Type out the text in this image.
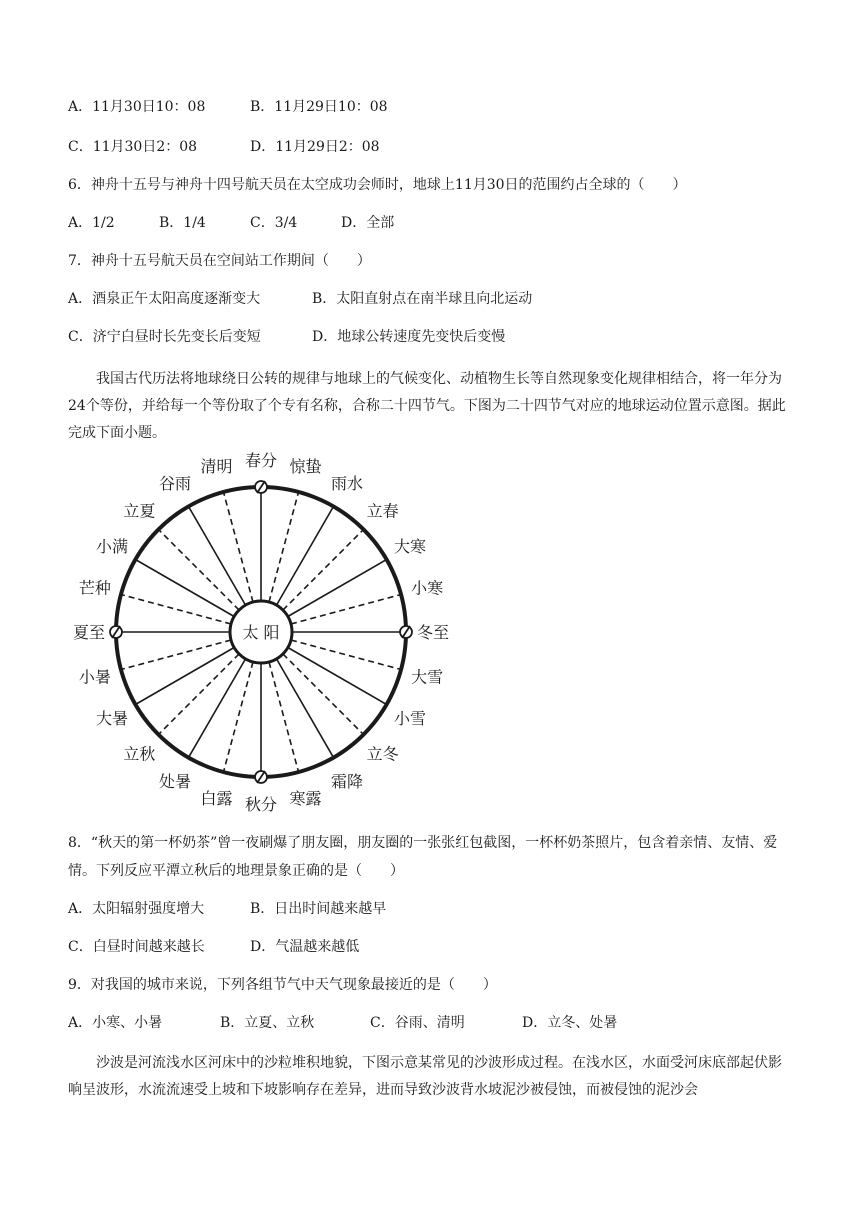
A．11月30日10：08	B．11月29日10：08
C．11月30日2：08	D．11月29日2：08
6．神舟十五号与神舟十四号航天员在太空成功会师时，地球上11月30日的范围约占全球的（　　）
A．1/2	B．1/4	C．3/4	D．全部
7．神舟十五号航天员在空间站工作期间（　　）
A．酒泉正午太阳高度逐渐变大	B．太阳直射点在南半球且向北运动
C．济宁白昼时长先变长后变短	D．地球公转速度先变快后变慢
我国古代历法将地球绕日公转的规律与地球上的气候变化、动植物生长等自然现象变化规律相结合，将一年分为24个等份，并给每一个等份取了个专有名称，合称二十四节气。下图为二十四节气对应的地球运动位置示意图。据此完成下面小题。
太 阳
春分 惊蛰
雨水
立春
大寒
小寒
冬至
大雪
小雪
立冬
霜降
寒露
秋分
白露
处暑
立秋
大暑
小暑
夏至
芒种
小满
立夏
谷雨
清明
8．“秋天的第一杯奶茶”曾一夜刷爆了朋友圈，朋友圈的一张张红包截图，一杯杯奶茶照片，包含着亲情、友情、爱情。下列反应平潭立秋后的地理景象正确的是（　　）
A．太阳辐射强度增大	B．日出时间越来越早
C．白昼时间越来越长	D．气温越来越低
9．对我国的城市来说，下列各组节气中天气现象最接近的是（　　）
A．小寒、小暑	B．立夏、立秋	C．谷雨、清明	D．立冬、处暑
沙波是河流浅水区河床中的沙粒堆积地貌，下图示意某常见的沙波形成过程。在浅水区，水面受河床底部起伏影响呈波形，水流流速受上坡和下坡影响存在差异，进而导致沙波背水坡泥沙被侵蚀，而被侵蚀的泥沙会
